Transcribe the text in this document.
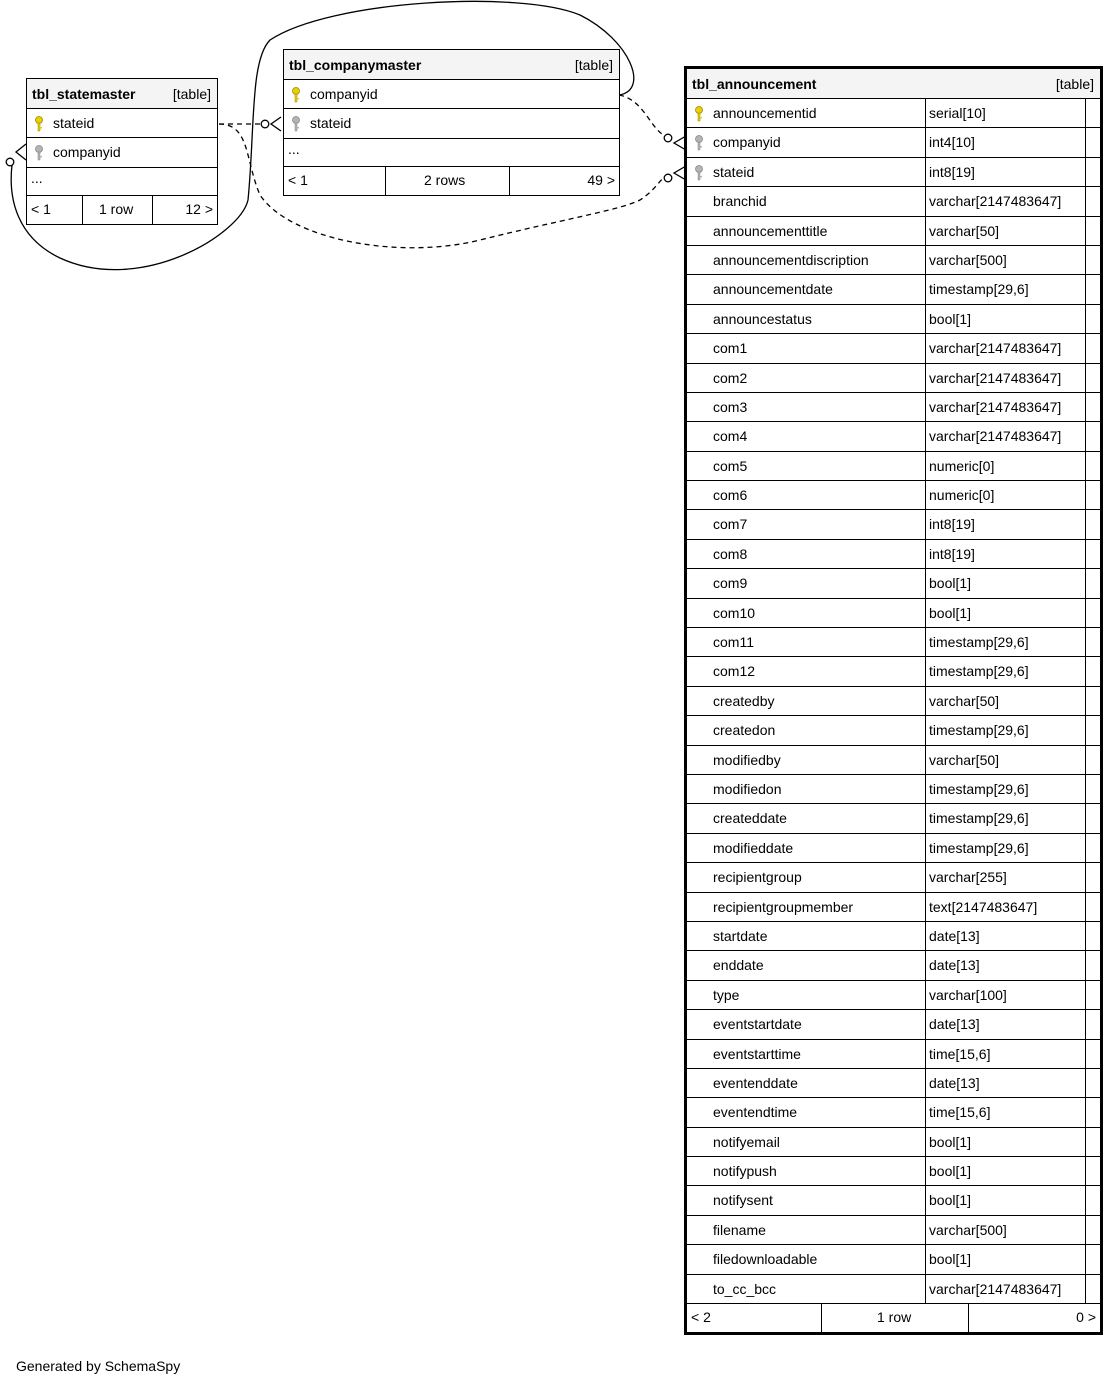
tbl_statemaster	[table]
stateid
companyid
...
< 1	1 row	12 >
tbl_companymaster	[table]
companyid
stateid
...
< 1	2 rows	49 >
tbl_announcement	[table]
announcementid	serial[10]
companyid	int4[10]
stateid	int8[19]
branchid	varchar[2147483647]
announcementtitle	varchar[50]
announcementdiscription	varchar[500]
announcementdate	timestamp[29,6]
announcestatus	bool[1]
com1	varchar[2147483647]
com2	varchar[2147483647]
com3	varchar[2147483647]
com4	varchar[2147483647]
com5	numeric[0]
com6	numeric[0]
com7	int8[19]
com8	int8[19]
com9	bool[1]
com10	bool[1]
com11	timestamp[29,6]
com12	timestamp[29,6]
createdby	varchar[50]
createdon	timestamp[29,6]
modifiedby	varchar[50]
modifiedon	timestamp[29,6]
createddate	timestamp[29,6]
modifieddate	timestamp[29,6]
recipientgroup	varchar[255]
recipientgroupmember	text[2147483647]
startdate	date[13]
enddate	date[13]
type	varchar[100]
eventstartdate	date[13]
eventstarttime	time[15,6]
eventenddate	date[13]
eventendtime	time[15,6]
notifyemail	bool[1]
notifypush	bool[1]
notifysent	bool[1]
filename	varchar[500]
filedownloadable	bool[1]
to_cc_bcc	varchar[2147483647]
< 2	1 row	0 >
Generated by SchemaSpy
